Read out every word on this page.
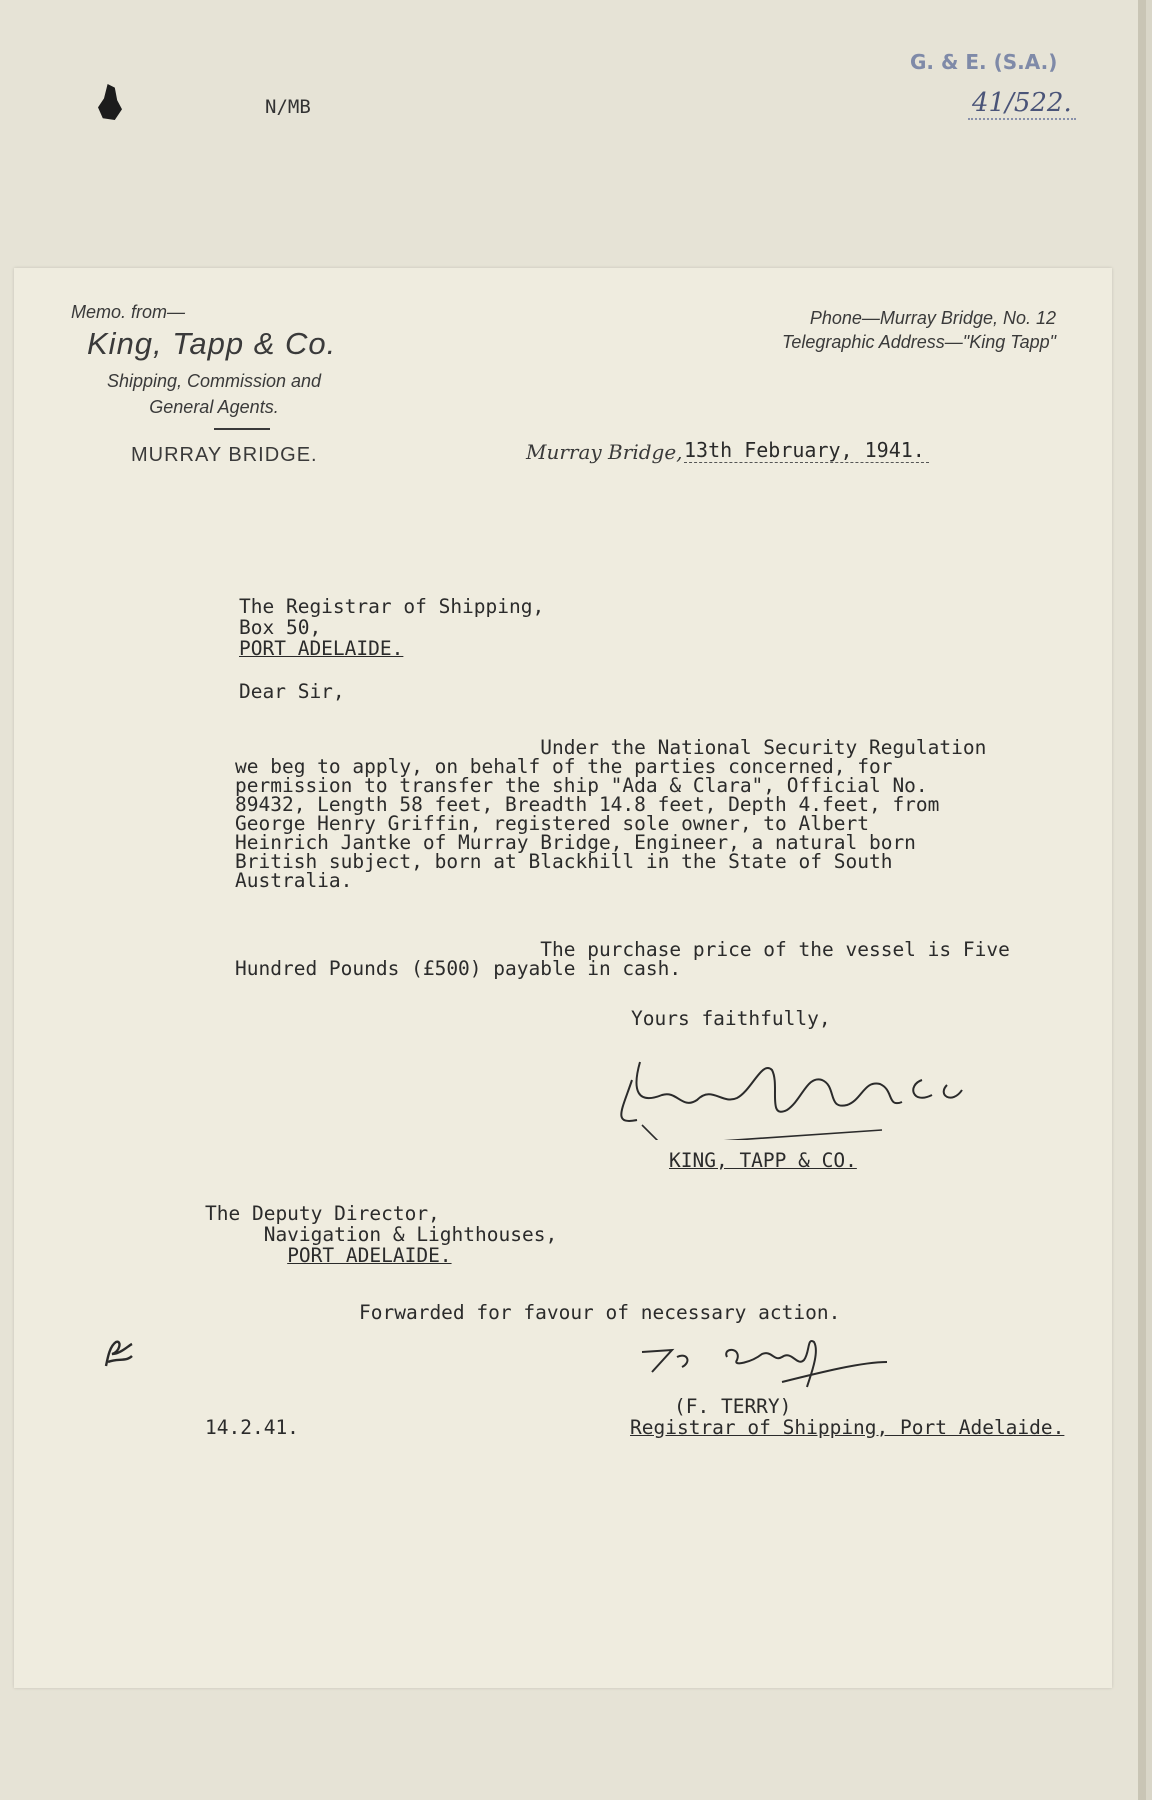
N/MB
G. & E. (S.A.)
41/522.
Memo. from—
King, Tapp & Co.
Shipping, Commission and
General Agents.
MURRAY BRIDGE.
Phone—Murray Bridge, No. 12
Telegraphic Address—"King Tapp"
Murray Bridge, 13th February, 1941.
The Registrar of Shipping,
Box 50,
PORT ADELAIDE.
Dear Sir,
Under the National Security Regulation
we beg to apply, on behalf of the parties concerned, for
permission to transfer the ship "Ada & Clara", Official No.
89432, Length 58 feet, Breadth 14.8 feet, Depth 4.feet, from
George Henry Griffin, registered sole owner, to Albert
Heinrich Jantke of Murray Bridge, Engineer, a natural born
British subject, born at Blackhill in the State of South
Australia.
The purchase price of the vessel is Five
Hundred Pounds (£500) payable in cash.
Yours faithfully,
KING, TAPP & CO.
The Deputy Director,
Navigation & Lighthouses,
PORT ADELAIDE.
Forwarded for favour of necessary action.
(F. TERRY)
Registrar of Shipping, Port Adelaide.
14.2.41.
